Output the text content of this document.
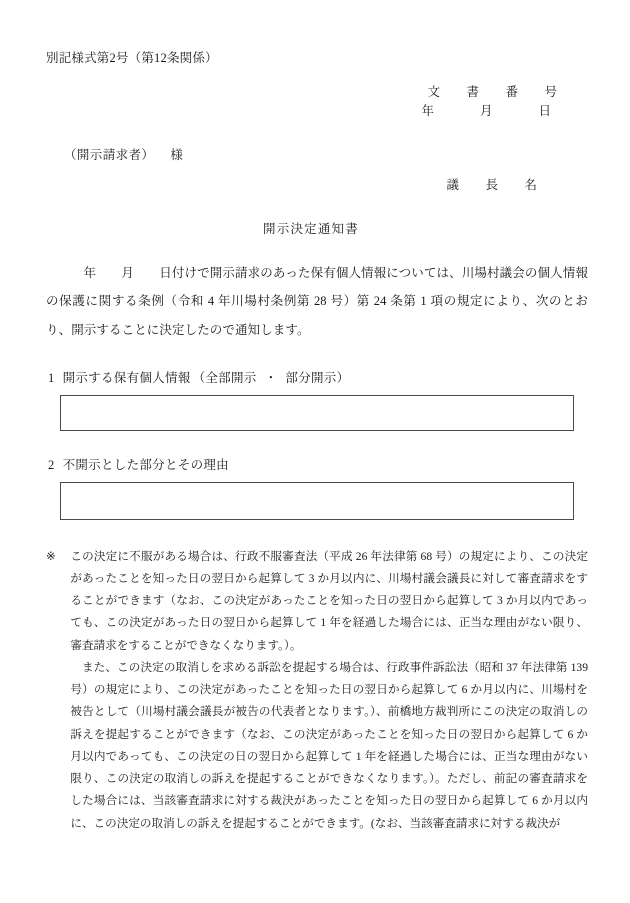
別記様式第2号（第12条関係）
文　書　番　号
年　　月　　日
（開示請求者） 様
議　長　名
開示決定通知書
年　　月　　日付けで開示請求のあった保有個人情報については、川場村議会の個人情報の保護に関する条例（令和 4 年川場村条例第 28 号）第 24 条第 1 項の規定により、次のとおり、開示することに決定したので通知します。
1 開示する保有個人情報 （全部開示 ・ 部分開示）
2 不開示とした部分とその理由
※	この決定に不服がある場合は、行政不服審査法（平成 26 年法律第 68 号）の規定により、この決定があったことを知った日の翌日から起算して 3 か月以内に、川場村議会議長に対して審査請求をすることができます（なお、この決定があったことを知った日の翌日から起算して 3 か月以内であっても、この決定があった日の翌日から起算して 1 年を経過した場合には、正当な理由がない限り、審査請求をすることができなくなります。）。

また、この決定の取消しを求める訴訟を提起する場合は、行政事件訴訟法（昭和 37 年法律第 139 号）の規定により、この決定があったことを知った日の翌日から起算して 6 か月以内に、川場村を被告として（川場村議会議長が被告の代表者となります。）、前橋地方裁判所にこの決定の取消しの訴えを提起することができます（なお、この決定があったことを知った日の翌日から起算して 6 か月以内であっても、この決定の日の翌日から起算して 1 年を経過した場合には、正当な理由がない限り、この決定の取消しの訴えを提起することができなくなります。）。ただし、前記の審査請求をした場合には、当該審査請求に対する裁決があったことを知った日の翌日から起算して 6 か月以内に、この決定の取消しの訴えを提起することができます。(なお、当該審査請求に対する裁決が
